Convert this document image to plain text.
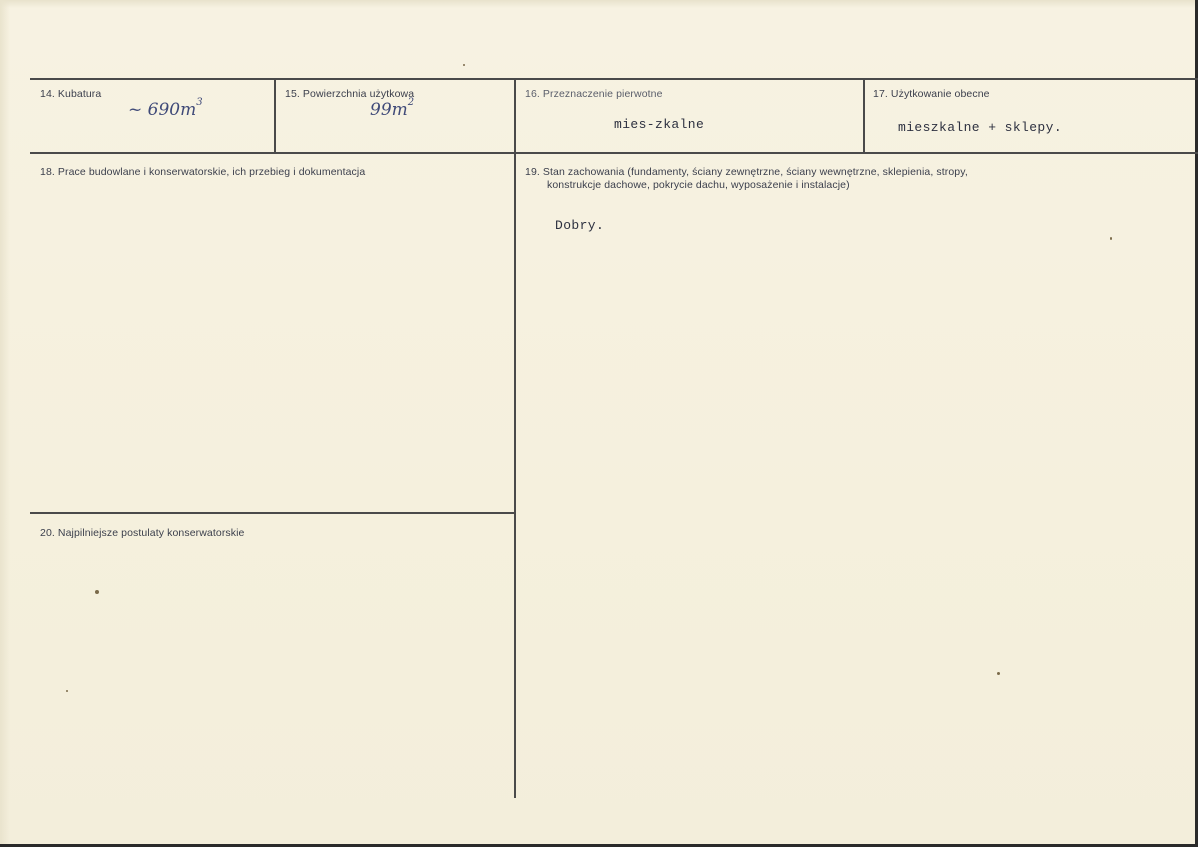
14. Kubatura
~ $690m^3$
15. Powierzchnia użytkowa
$99m^2$
16. Przeznaczenie pierwotne
mies-zkalne
17. Użytkowanie obecne
mieszkalne + sklepy.
18. Prace budowlane i konserwatorskie, ich przebieg i dokumentacja	19. Stan zachowania (fundamenty, ściany zewnętrzne, ściany wewnętrzne, sklepienia, stropy,
konstrukcje dachowe, pokrycie dachu, wyposażenie i instalacje)
Dobry.
20. Najpilniejsze postulaty konserwatorskie
